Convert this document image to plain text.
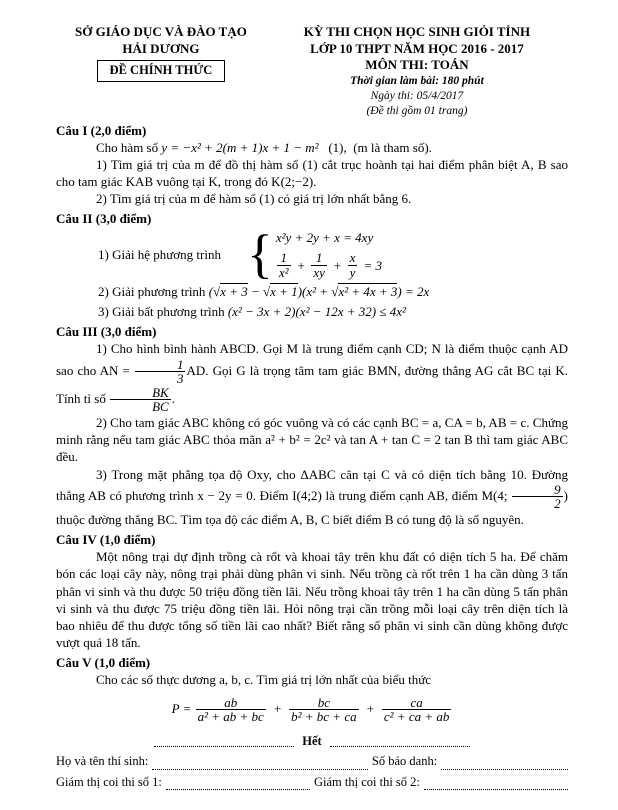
SỞ GIÁO DỤC VÀ ĐÀO TẠO
HẢI DƯƠNG
ĐỀ CHÍNH THỨC
KỲ THI CHỌN HỌC SINH GIỎI TỈNH
LỚP 10 THPT NĂM HỌC 2016 - 2017
MÔN THI: TOÁN
Thời gian làm bài: 180 phút
Ngày thi: 05/4/2017
(Đề thi gồm 01 trang)
Câu I (2,0 điểm)

Cho hàm số y = −x² + 2(m + 1)x + 1 − m²   (1),  (m là tham số).

1) Tìm giá trị của m để đồ thị hàm số (1) cắt trục hoành tại hai điểm phân biệt A, B sao cho tam giác KAB vuông tại K, trong đó K(2;−2).

2) Tìm giá trị của m để hàm số (1) có giá trị lớn nhất bằng 6.

Câu II (3,0 điểm)
1) Giải hệ phương trình { x²y + 2y + x = 4xy
$\frac{1}{\text{x²}} + \frac{1}{xy} + \frac{x}{y} = 3$
2) Giải phương trình (√x + 3 − √x + 1)(x² + √x² + 4x + 3) = 2x
3) Giải bất phương trình (x² − 3x + 2)(x² − 12x + 32) ≤ 4x²
Câu III (3,0 điểm)

1) Cho hình bình hành ABCD. Gọi M là trung điểm cạnh CD; N là điểm thuộc cạnh AD sao cho AN = $\frac{1}{3}$ AD. Gọi G là trọng tâm tam giác BMN, đường thẳng AG cắt BC tại K. Tính tỉ số $\frac{BK}{BC}$ .

2) Cho tam giác ABC không có góc vuông và có các cạnh BC = a, CA = b, AB = c. Chứng minh rằng nếu tam giác ABC thỏa mãn a² + b² = 2c² và tan A + tan C = 2 tan B thì tam giác ABC đều.

3) Trong mặt phẳng tọa độ Oxy, cho ΔABC cân tại C và có diện tích bằng 10. Đường thẳng AB có phương trình x − 2y = 0. Điểm I(4;2) là trung điểm cạnh AB, điểm M(4; $\frac{9}{2}$ ) thuộc đường thẳng BC. Tìm tọa độ các điểm A, B, C biết điểm B có tung độ là số nguyên.

Câu IV (1,0 điểm)

Một nông trại dự định trồng cà rốt và khoai tây trên khu đất có diện tích 5 ha. Để chăm bón các loại cây này, nông trại phải dùng phân vi sinh. Nếu trồng cà rốt trên 1 ha cần dùng 3 tấn phân vi sinh và thu được 50 triệu đồng tiền lãi. Nếu trồng khoai tây trên 1 ha cần dùng 5 tấn phân vi sinh và thu được 75 triệu đồng tiền lãi. Hỏi nông trại cần trồng mỗi loại cây trên diện tích là bao nhiêu để thu được tổng số tiền lãi cao nhất? Biết rằng số phân vi sinh cần dùng không được vượt quá 18 tấn.

Câu V (1,0 điểm)

Cho các số thực dương a, b, c. Tìm giá trị lớn nhất của biểu thức

$P = \frac{ab}{\text{a² + ab + bc}} + \frac{bc}{\text{b² + bc + ca}} + \frac{ca}{\text{c² + ca + ab}}$
Hết
Họ và tên thí sinh:	Số báo danh:
Giám thị coi thi số 1:	Giám thị coi thi số 2:
